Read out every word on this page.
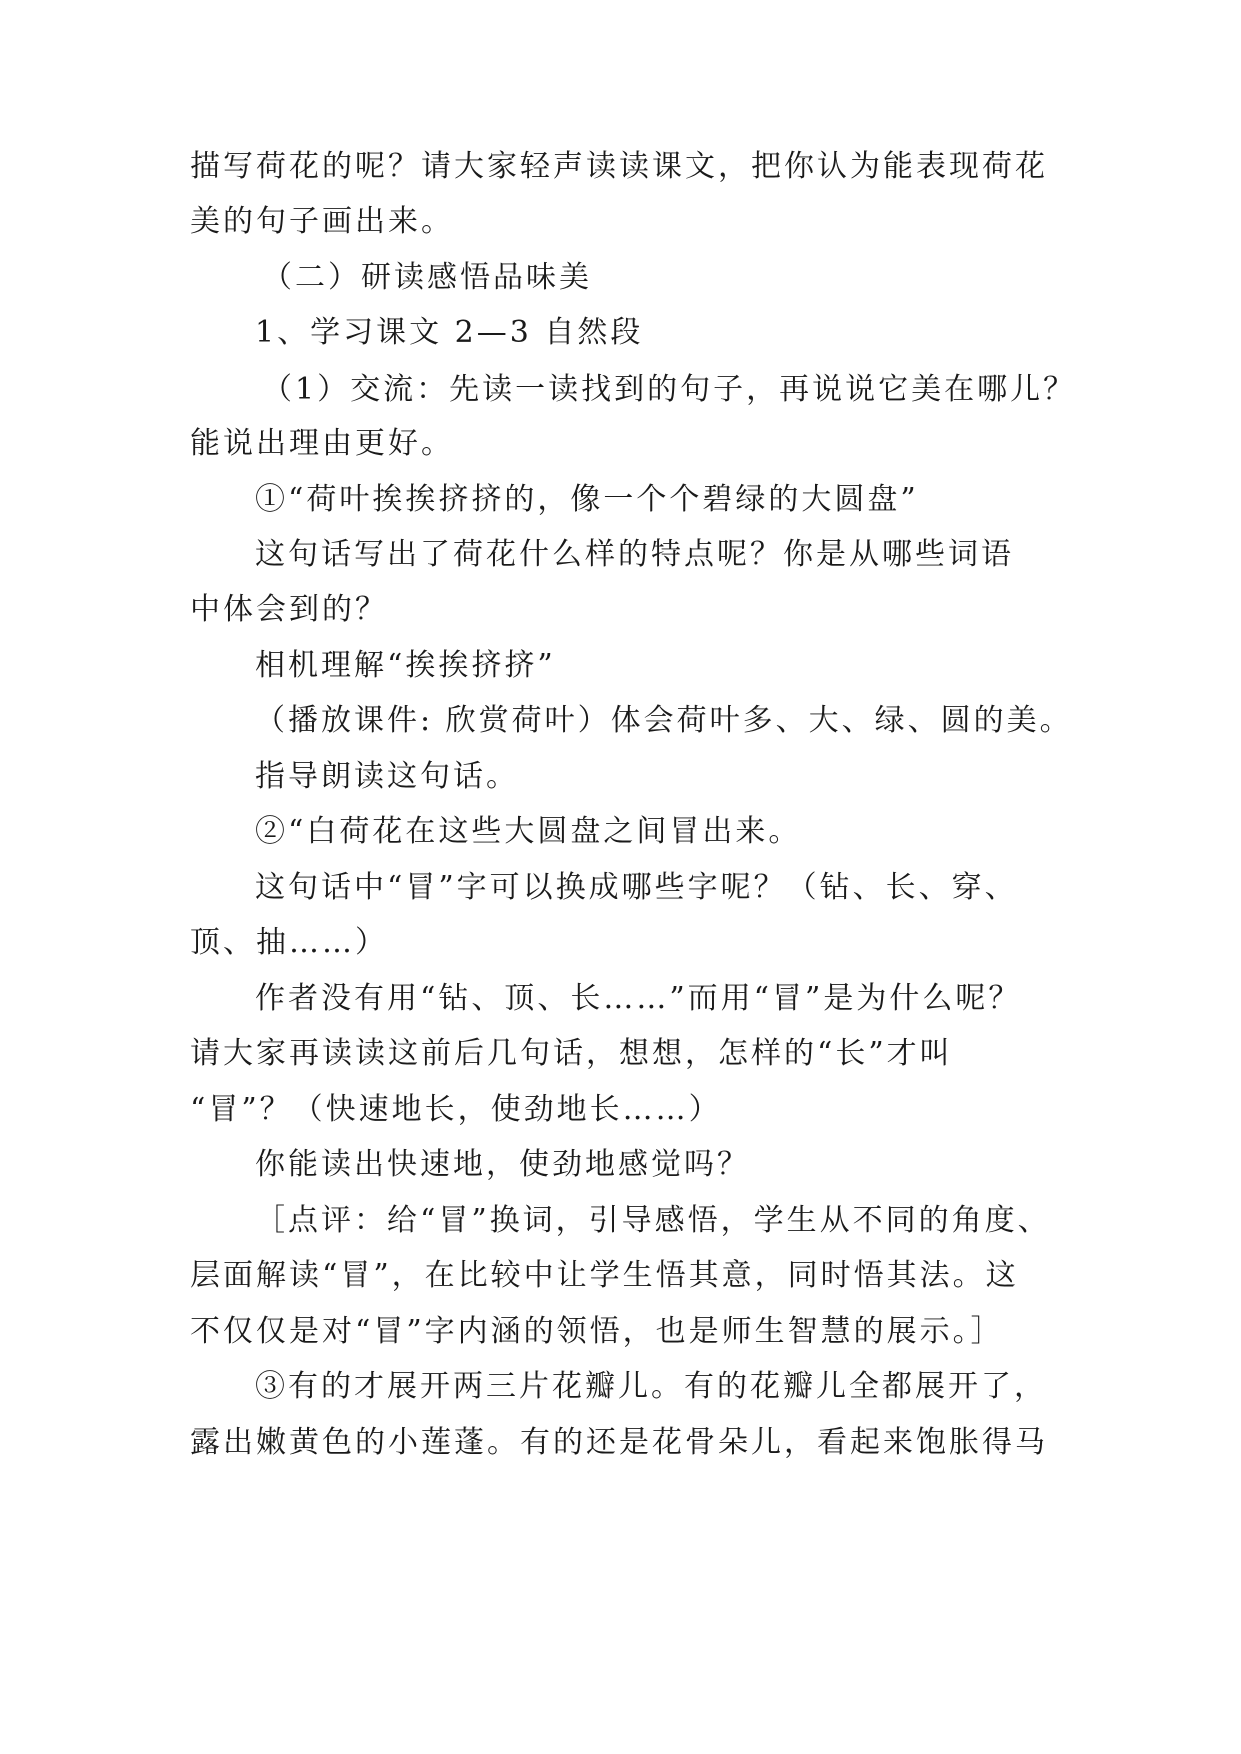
描写荷花的呢？请大家轻声读读课文，把你认为能表现荷花
美的句子画出来。
（二）研读感悟品味美
1、学习课文 2—3 自然段
（1）交流：先读一读找到的句子，再说说它美在哪儿？
能说出理由更好。
①“荷叶挨挨挤挤的，像一个个碧绿的大圆盘”
这句话写出了荷花什么样的特点呢？你是从哪些词语
中体会到的？
相机理解“挨挨挤挤”
（播放课件: 欣赏荷叶）体会荷叶多、大、绿、圆的美。
指导朗读这句话。
②“白荷花在这些大圆盘之间冒出来。
这句话中“冒”字可以换成哪些字呢？（钻、长、穿、
顶、抽……）
作者没有用“钻、顶、长……”而用“冒”是为什么呢？
请大家再读读这前后几句话，想想，怎样的“长”才叫
“冒”？（快速地长，使劲地长……）
你能读出快速地，使劲地感觉吗？
［点评：给“冒”换词，引导感悟，学生从不同的角度、
层面解读“冒”，在比较中让学生悟其意，同时悟其法。这
不仅仅是对“冒”字内涵的领悟，也是师生智慧的展示。］
③有的才展开两三片花瓣儿。有的花瓣儿全都展开了，
露出嫩黄色的小莲蓬。有的还是花骨朵儿，看起来饱胀得马
